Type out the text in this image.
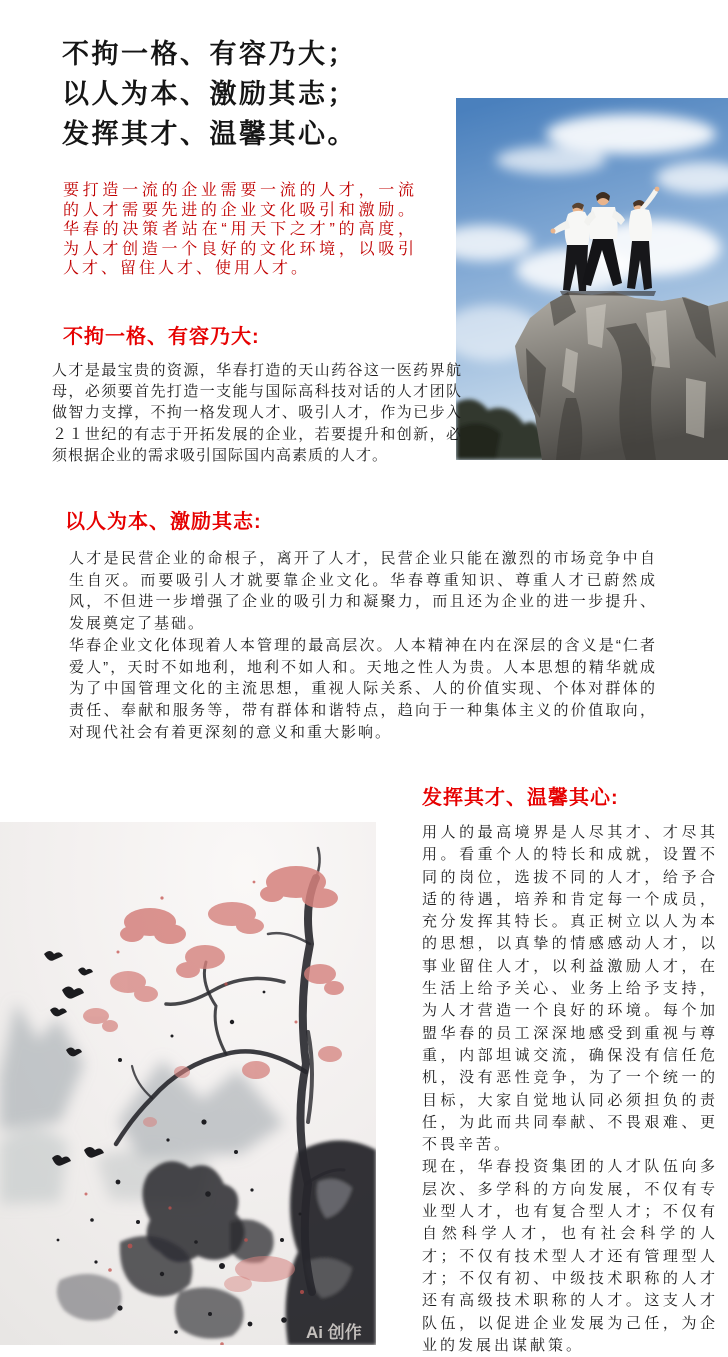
不拘一格、有容乃大；
以人为本、激励其志；
发挥其才、温馨其心。
要打造一流的企业需要一流的人才，一流的人才需要先进的企业文化吸引和激励。华春的决策者站在“用天下之才”的高度，为人才创造一个良好的文化环境，以吸引人才、留住人才、使用人才。
不拘一格、有容乃大:

人才是最宝贵的资源，华春打造的天山药谷这一医药界航母，必须要首先打造一支能与国际高科技对话的人才团队做智力支撑，不拘一格发现人才、吸引人才，作为已步入２１世纪的有志于开拓发展的企业，若要提升和创新，必须根据企业的需求吸引国际国内高素质的人才。

以人为本、激励其志:

人才是民营企业的命根子，离开了人才，民营企业只能在激烈的市场竞争中自生自灭。而要吸引人才就要靠企业文化。华春尊重知识、尊重人才已蔚然成风，不但进一步增强了企业的吸引力和凝聚力，而且还为企业的进一步提升、发展奠定了基础。

华春企业文化体现着人本管理的最高层次。人本精神在内在深层的含义是“仁者爱人”，天时不如地利，地利不如人和。天地之性人为贵。人本思想的精华就成为了中国管理文化的主流思想，重视人际关系、人的价值实现、个体对群体的责任、奉献和服务等，带有群体和谐特点，趋向于一种集体主义的价值取向，对现代社会有着更深刻的意义和重大影响。

发挥其才、温馨其心:

用人的最高境界是人尽其才、才尽其用。看重个人的特长和成就，设置不同的岗位，选拔不同的人才，给予合适的待遇，培养和肯定每一个成员，充分发挥其特长。真正树立以人为本的思想，以真挚的情感感动人才，以事业留住人才，以利益激励人才，在生活上给予关心、业务上给予支持，为人才营造一个良好的环境。每个加盟华春的员工深深地感受到重视与尊重，内部坦诚交流，确保没有信任危机，没有恶性竞争，为了一个统一的目标，大家自觉地认同必须担负的责任，为此而共同奉献、不畏艰难、更不畏辛苦。

现在，华春投资集团的人才队伍向多层次、多学科的方向发展，不仅有专业型人才，也有复合型人才；不仅有自然科学人才，也有社会科学的人才；不仅有技术型人才还有管理型人才；不仅有初、中级技术职称的人才还有高级技术职称的人才。这支人才队伍，以促进企业发展为己任，为企业的发展出谋献策。

Ai 创作
